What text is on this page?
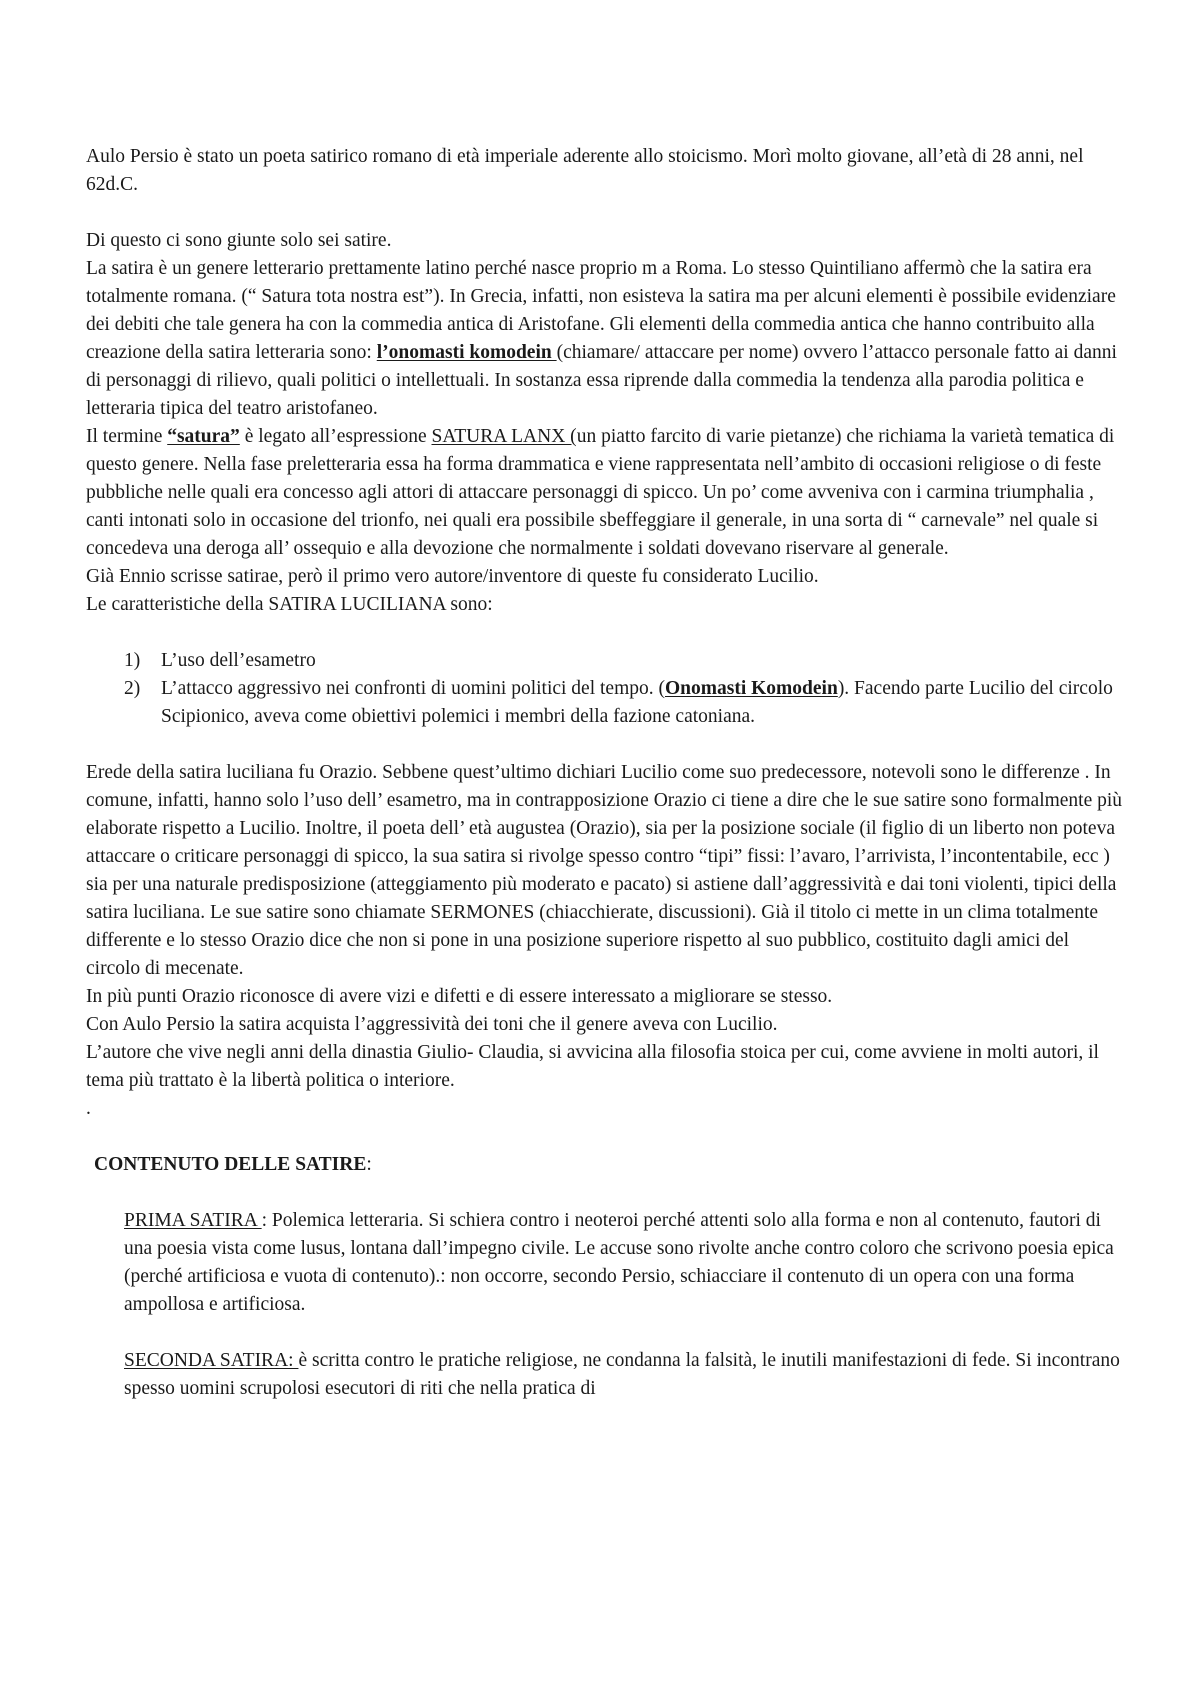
Aulo Persio è stato un poeta satirico romano di età imperiale aderente allo stoicismo. Morì molto giovane, all’età di 28 anni, nel 62d.C.

Di questo ci sono giunte solo sei satire.

La satira è un genere letterario prettamente latino perché nasce proprio m a Roma. Lo stesso Quintiliano affermò che la satira era totalmente romana. (“ Satura tota nostra est”). In Grecia, infatti, non esisteva la satira ma per alcuni elementi è possibile evidenziare dei debiti che tale genera ha con la commedia antica di Aristofane. Gli elementi della commedia antica che hanno contribuito alla creazione della satira letteraria sono: l’onomasti komodein (chiamare/ attaccare per nome) ovvero l’attacco personale fatto ai danni di personaggi di rilievo, quali politici o intellettuali. In sostanza essa riprende dalla commedia la tendenza alla parodia politica e letteraria tipica del teatro aristofaneo.

Il termine “satura” è legato all’espressione SATURA LANX (un piatto farcito di varie pietanze) che richiama la varietà tematica di questo genere. Nella fase preletteraria essa ha forma drammatica e viene rappresentata nell’ambito di occasioni religiose o di feste pubbliche nelle quali era concesso agli attori di attaccare personaggi di spicco. Un po’ come avveniva con i carmina triumphalia , canti intonati solo in occasione del trionfo, nei quali era possibile sbeffeggiare il generale, in una sorta di “ carnevale” nel quale si concedeva una deroga all’ ossequio e alla devozione che normalmente i soldati dovevano riservare al generale.

Già Ennio scrisse satirae, però il primo vero autore/inventore di queste fu considerato Lucilio.

Le caratteristiche della SATIRA LUCILIANA sono:

1) L’uso dell’esametro
2) L’attacco aggressivo nei confronti di uomini politici del tempo. (Onomasti Komodein). Facendo parte Lucilio del circolo Scipionico, aveva come obiettivi polemici i membri della fazione catoniana.

Erede della satira luciliana fu Orazio. Sebbene quest’ultimo dichiari Lucilio come suo predecessore, notevoli sono le differenze . In comune, infatti, hanno solo l’uso dell’ esametro, ma in contrapposizione Orazio ci tiene a dire che le sue satire sono formalmente più elaborate rispetto a Lucilio. Inoltre, il poeta dell’ età augustea (Orazio), sia per la posizione sociale (il figlio di un liberto non poteva attaccare o criticare personaggi di spicco, la sua satira si rivolge spesso contro “tipi” fissi: l’avaro, l’arrivista, l’incontentabile, ecc ) sia per una naturale predisposizione (atteggiamento più moderato e pacato) si astiene dall’aggressività e dai toni violenti, tipici della satira luciliana. Le sue satire sono chiamate SERMONES (chiacchierate, discussioni). Già il titolo ci mette in un clima totalmente differente e lo stesso Orazio dice che non si pone in una posizione superiore rispetto al suo pubblico, costituito dagli amici del circolo di mecenate.

In più punti Orazio riconosce di avere vizi e difetti e di essere interessato a migliorare se stesso.

Con Aulo Persio la satira acquista l’aggressività dei toni che il genere aveva con Lucilio.

L’autore che vive negli anni della dinastia Giulio- Claudia, si avvicina alla filosofia stoica per cui, come avviene in molti autori, il tema più trattato è la libertà politica o interiore.

.

CONTENUTO DELLE SATIRE:

PRIMA SATIRA : Polemica letteraria. Si schiera contro i neoteroi perché attenti solo alla forma e non al contenuto, fautori di una poesia vista come lusus, lontana dall’impegno civile. Le accuse sono rivolte anche contro coloro che scrivono poesia epica (perché artificiosa e vuota di contenuto).: non occorre, secondo Persio, schiacciare il contenuto di un opera con una forma ampollosa e artificiosa.

SECONDA SATIRA: è scritta contro le pratiche religiose, ne condanna la falsità, le inutili manifestazioni di fede. Si incontrano spesso uomini scrupolosi esecutori di riti che nella pratica di
